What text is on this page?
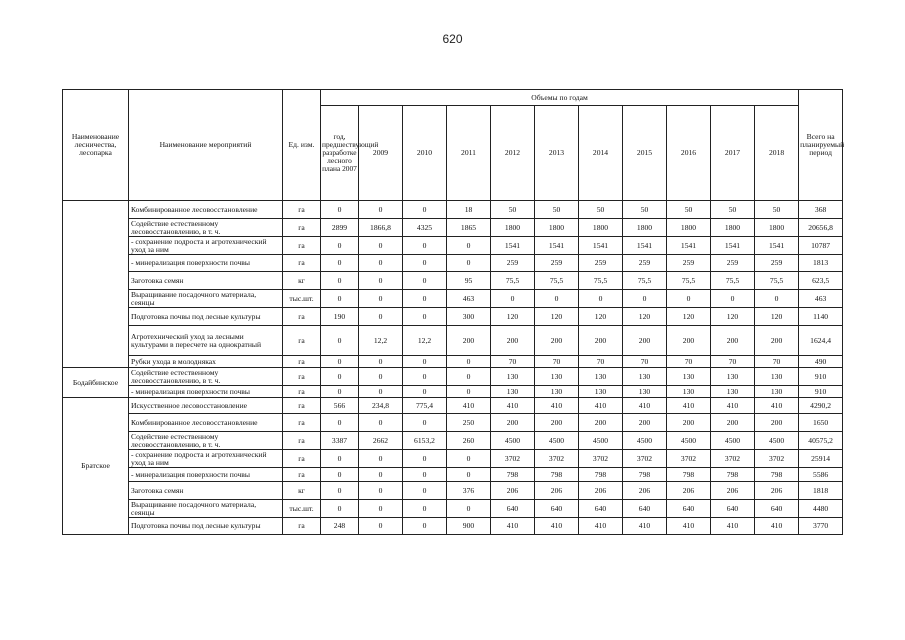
620
Наименование лесничества, лесопарка	Наименование мероприятий	Ед. изм.	Объемы по годам											Всего на планируемый период
			год, предшествующий разработке лесного плана 2007	2009	2010	2011	2012	2013	2014	2015	2016	2017	2018	
	Комбинированное лесовосстановление	га	0	0	0	18	50	50	50	50	50	50	50	368
	Содействие естественному лесовосстановлению, в т. ч.	га	2899	1866,8	4325	1865	1800	1800	1800	1800	1800	1800	1800	20656,8
	- сохранение подроста и агротехнический уход за ним	га	0	0	0	0	1541	1541	1541	1541	1541	1541	1541	10787
	- минерализация поверхности почвы	га	0	0	0	0	259	259	259	259	259	259	259	1813
	Заготовка семян	кг	0	0	0	95	75,5	75,5	75,5	75,5	75,5	75,5	75,5	623,5
	Выращивание посадочного материала, сеянцы	тыс.шт.	0	0	0	463	0	0	0	0	0	0	0	463
	Подготовка почвы под лесные культуры	га	190	0	0	300	120	120	120	120	120	120	120	1140
	Агротехнический уход за лесными культурами в пересчете на однократный	га	0	12,2	12,2	200	200	200	200	200	200	200	200	1624,4
	Рубки ухода в молодняках	га	0	0	0	0	70	70	70	70	70	70	70	490
Бодайбинское	Содействие естественному лесовосстановлению, в т. ч.	га	0	0	0	0	130	130	130	130	130	130	130	910
	- минерализация поверхности почвы	га	0	0	0	0	130	130	130	130	130	130	130	910
Братское	Искусственное лесовосстановление	га	566	234,8	775,4	410	410	410	410	410	410	410	410	4290,2
	Комбинированное лесовосстановление	га	0	0	0	250	200	200	200	200	200	200	200	1650
	Содействие естественному лесовосстановлению, в т. ч.	га	3387	2662	6153,2	260	4500	4500	4500	4500	4500	4500	4500	40575,2
	- сохранение подроста и агротехнический уход за ним	га	0	0	0	0	3702	3702	3702	3702	3702	3702	3702	25914
	- минерализация поверхности почвы	га	0	0	0	0	798	798	798	798	798	798	798	5586
	Заготовка семян	кг	0	0	0	376	206	206	206	206	206	206	206	1818
	Выращивание посадочного материала, сеянцы	тыс.шт.	0	0	0	0	640	640	640	640	640	640	640	4480
	Подготовка почвы под лесные культуры	га	248	0	0	900	410	410	410	410	410	410	410	3770
